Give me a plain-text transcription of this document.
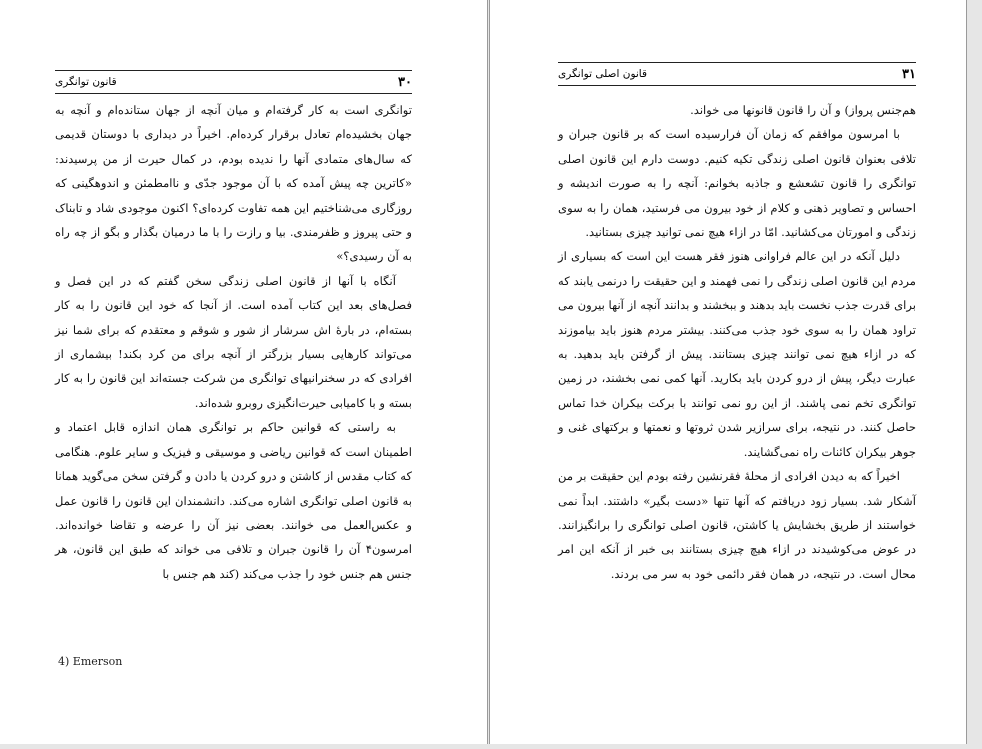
۳۰
قانون توانگری

توانگری است به کار گرفته‌ام و میان آنچه از جهان ستانده‌ام و آنچه به جهان بخشیده‌ام تعادل برقرار کرده‌ام. اخیراً در دیداری با دوستان قدیمی که سال‌های متمادی آنها را ندیده بودم، در کمال حیرت از من پرسیدند: «کاترین چه پیش آمده که با آن موجود جدّی و ناامطمئن و اندوهگینی که روزگاری می‌شناختیم این همه تفاوت کرده‌ای؟ اکنون موجودی شاد و تابناک و حتی پیروز و ظفرمندی. بیا و رازت را با ما درمیان بگذار و بگو از چه راه به آن رسیدی؟»

آنگاه با آنها از قانون اصلی زندگی سخن گفتم که در این فصل و فصل‌های بعد این کتاب آمده است. از آنجا که خود این قانون را به کار بسته‌ام، در بارهٔ اش سرشار از شور و شوقم و معتقدم که برای شما نیز می‌تواند کارهایی بسیار بزرگتر از آنچه برای من کرد بکند! بیشماری از افرادی که در سخنرانیهای توانگری من شرکت جسته‌اند این قانون را به کار بسته و با کامیابی حیرت‌انگیزی روبرو شده‌اند.

به راستی که قوانین حاکم بر توانگری همان اندازه قابل اعتماد و اطمینان است که قوانین ریاضی و موسیقی و فیزیک و سایر علوم. هنگامی که کتاب مقدس از کاشتن و درو کردن یا دادن و گرفتن سخن می‌گوید همانا به قانون اصلی توانگری اشاره می‌کند. دانشمندان این قانون را قانون عمل و عکس‌العمل می خوانند. بعضی نیز آن را عرضه و تقاضا خوانده‌اند. امرسون۴ آن را قانون جبران و تلافی می خواند که طبق این قانون، هر جنس هم جنس خود را جذب می‌کند (کند هم جنس با

4) Emerson
۳۱
قانون اصلی توانگری

هم‌جنس پرواز) و آن را قانون قانونها می خواند.

با امرسون موافقم که زمان آن فرارسیده است که بر قانون جبران و تلافی بعنوان قانون اصلی زندگی تکیه کنیم. دوست دارم این قانون اصلی توانگری را قانون تشعشع و جاذبه بخوانم: آنچه را به صورت اندیشه و احساس و تصاویر ذهنی و کلام از خود بیرون می فرستید، همان را به سوی زندگی و امورتان می‌کشانید. امّا در ازاء هیچ نمی توانید چیزی بستانید.

دلیل آنکه در این عالم فراوانی هنوز فقر هست این است که بسیاری از مردم این قانون اصلی زندگی را نمی فهمند و این حقیقت را درنمی یابند که برای قدرت جذب نخست باید بدهند و ببخشند و بدانند آنچه از آنها بیرون می تراود همان را به سوی خود جذب می‌کنند. بیشتر مردم هنوز باید بیاموزند که در ازاء هیچ نمی توانند چیزی بستانند. پیش از گرفتن باید بدهید. به عبارت دیگر، پیش از درو کردن باید بکارید. آنها کمی نمی بخشند، در زمین توانگری تخم نمی پاشند. از این رو نمی توانند با برکت بیکران خدا تماس حاصل کنند. در نتیجه، برای سرازیر شدن ثروتها و نعمتها و برکتهای غنی و جوهر بیکران کائنات راه نمی‌گشایند.

اخیراً که به دیدن افرادی از محلهٔ فقرنشین رفته بودم این حقیقت بر من آشکار شد. بسیار زود دریافتم که آنها تنها «دست بگیر» داشتند. ابداً نمی خواستند از طریق بخشایش یا کاشتن، قانون اصلی توانگری را برانگیزانند. در عوض می‌کوشیدند در ازاء هیچ چیزی بستانند بی خبر از آنکه این امر محال است. در نتیجه، در همان فقر دائمی خود به سر می بردند.
